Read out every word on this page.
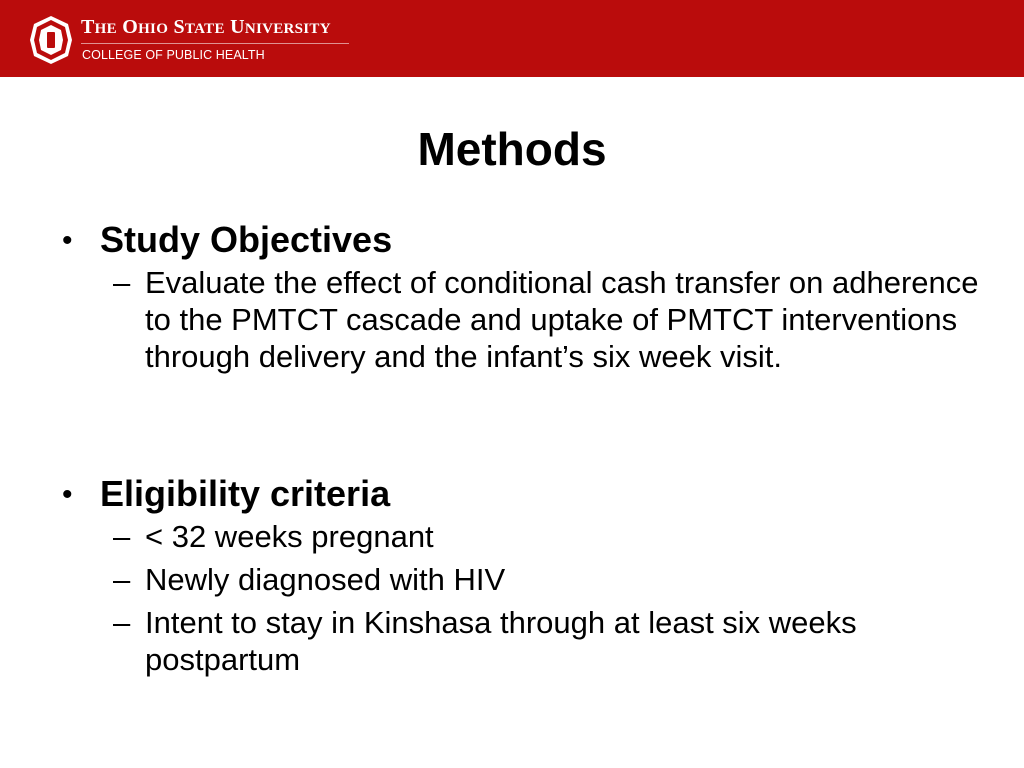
THE OHIO STATE UNIVERSITY
COLLEGE OF PUBLIC HEALTH
Methods
• Study Objectives
– Evaluate the effect of conditional cash transfer on adherence to the PMTCT cascade and uptake of PMTCT interventions through delivery and the infant’s six week visit.
• Eligibility criteria
– < 32 weeks pregnant
– Newly diagnosed with HIV
– Intent to stay in Kinshasa through at least six weeks postpartum
